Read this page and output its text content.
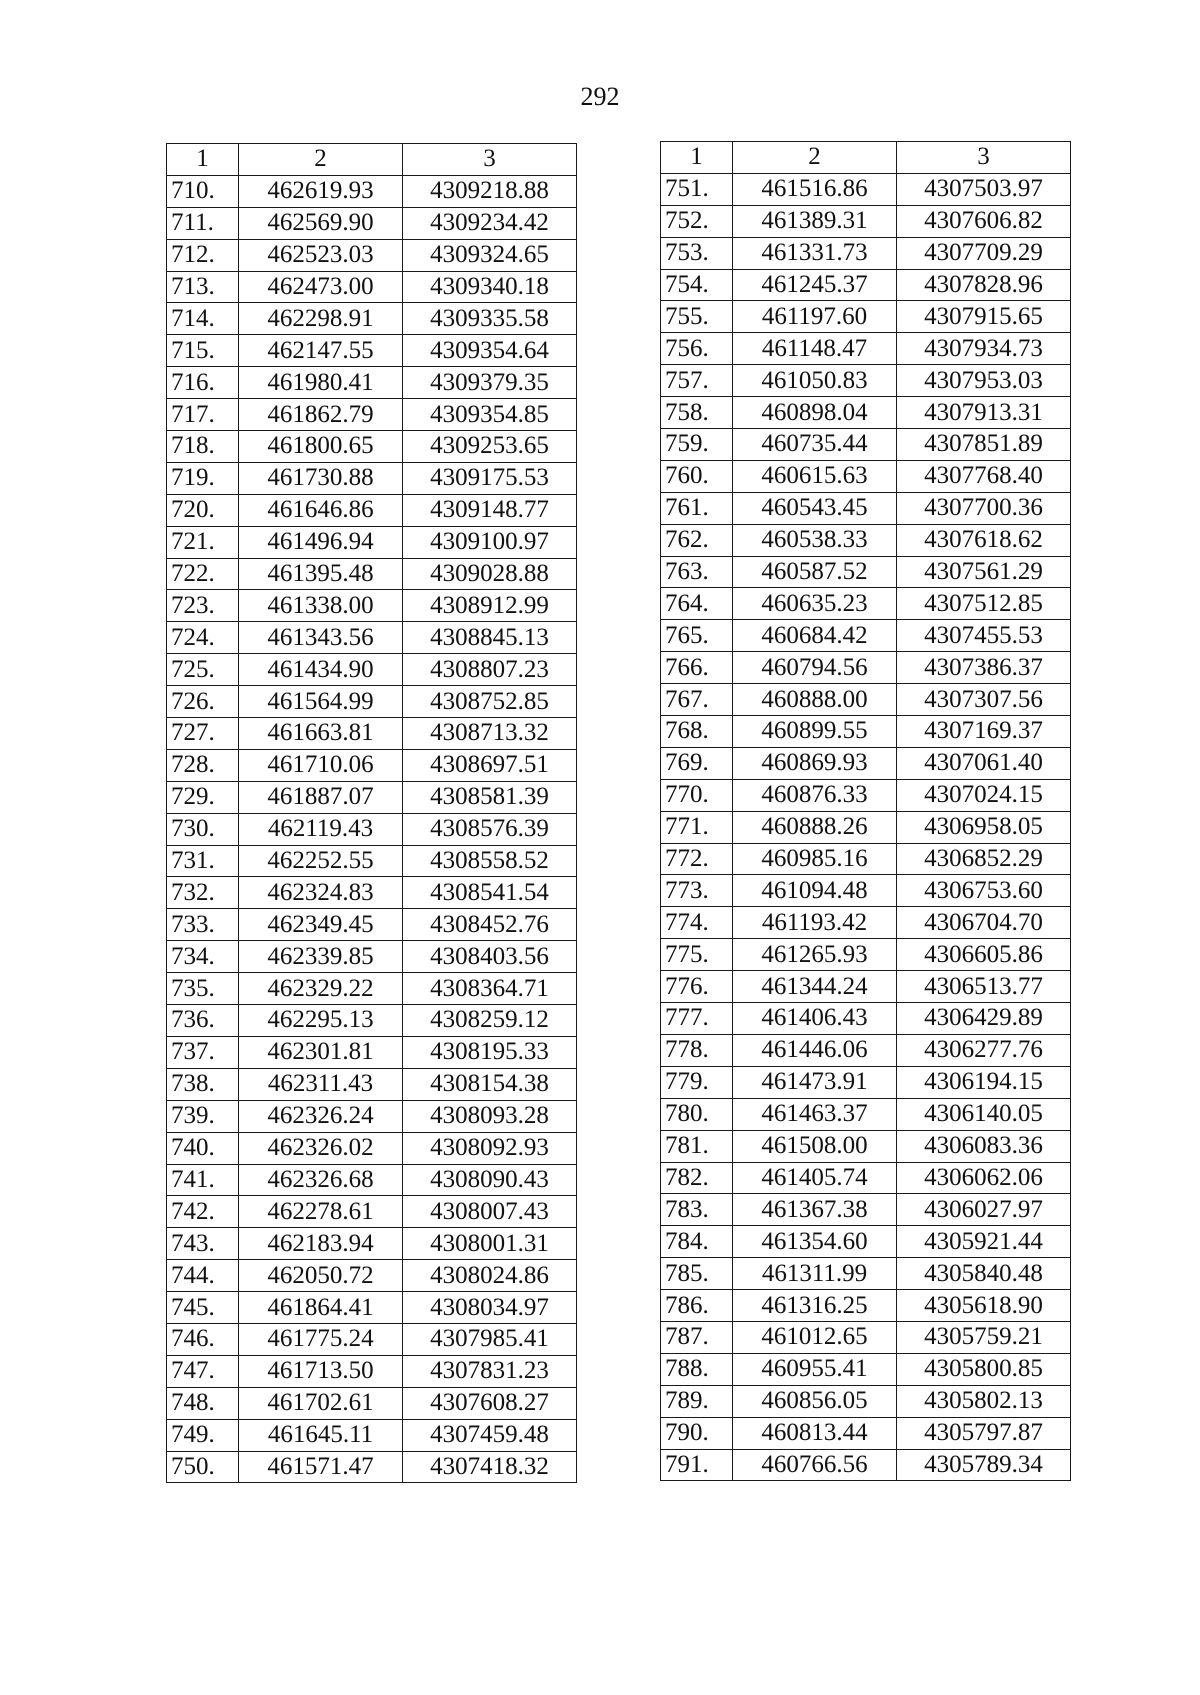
292
1	2	3
710.	462619.93	4309218.88
711.	462569.90	4309234.42
712.	462523.03	4309324.65
713.	462473.00	4309340.18
714.	462298.91	4309335.58
715.	462147.55	4309354.64
716.	461980.41	4309379.35
717.	461862.79	4309354.85
718.	461800.65	4309253.65
719.	461730.88	4309175.53
720.	461646.86	4309148.77
721.	461496.94	4309100.97
722.	461395.48	4309028.88
723.	461338.00	4308912.99
724.	461343.56	4308845.13
725.	461434.90	4308807.23
726.	461564.99	4308752.85
727.	461663.81	4308713.32
728.	461710.06	4308697.51
729.	461887.07	4308581.39
730.	462119.43	4308576.39
731.	462252.55	4308558.52
732.	462324.83	4308541.54
733.	462349.45	4308452.76
734.	462339.85	4308403.56
735.	462329.22	4308364.71
736.	462295.13	4308259.12
737.	462301.81	4308195.33
738.	462311.43	4308154.38
739.	462326.24	4308093.28
740.	462326.02	4308092.93
741.	462326.68	4308090.43
742.	462278.61	4308007.43
743.	462183.94	4308001.31
744.	462050.72	4308024.86
745.	461864.41	4308034.97
746.	461775.24	4307985.41
747.	461713.50	4307831.23
748.	461702.61	4307608.27
749.	461645.11	4307459.48
750.	461571.47	4307418.32
1	2	3
751.	461516.86	4307503.97
752.	461389.31	4307606.82
753.	461331.73	4307709.29
754.	461245.37	4307828.96
755.	461197.60	4307915.65
756.	461148.47	4307934.73
757.	461050.83	4307953.03
758.	460898.04	4307913.31
759.	460735.44	4307851.89
760.	460615.63	4307768.40
761.	460543.45	4307700.36
762.	460538.33	4307618.62
763.	460587.52	4307561.29
764.	460635.23	4307512.85
765.	460684.42	4307455.53
766.	460794.56	4307386.37
767.	460888.00	4307307.56
768.	460899.55	4307169.37
769.	460869.93	4307061.40
770.	460876.33	4307024.15
771.	460888.26	4306958.05
772.	460985.16	4306852.29
773.	461094.48	4306753.60
774.	461193.42	4306704.70
775.	461265.93	4306605.86
776.	461344.24	4306513.77
777.	461406.43	4306429.89
778.	461446.06	4306277.76
779.	461473.91	4306194.15
780.	461463.37	4306140.05
781.	461508.00	4306083.36
782.	461405.74	4306062.06
783.	461367.38	4306027.97
784.	461354.60	4305921.44
785.	461311.99	4305840.48
786.	461316.25	4305618.90
787.	461012.65	4305759.21
788.	460955.41	4305800.85
789.	460856.05	4305802.13
790.	460813.44	4305797.87
791.	460766.56	4305789.34
